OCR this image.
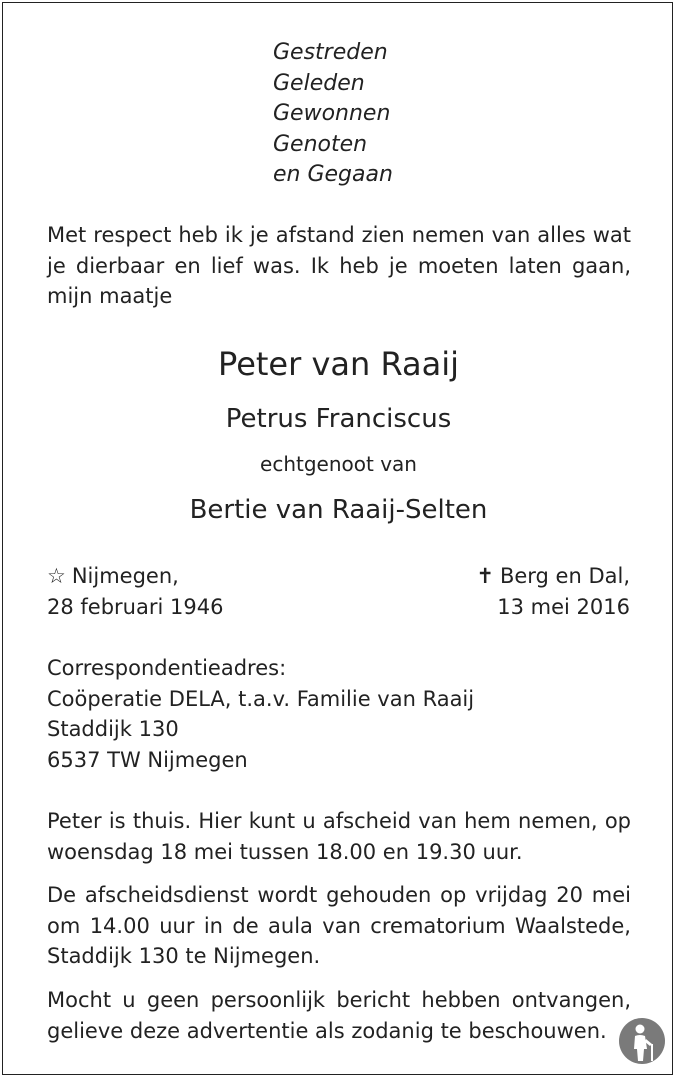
Gestreden
Geleden
Gewonnen
Genoten
en Gegaan
Met respect heb ik je afstand zien nemen van alles wat je dierbaar en lief was. Ik heb je moeten laten gaan, mijn maatje
Peter van Raaij
Petrus Franciscus
echtgenoot van
Bertie van Raaij-Selten
☆ Nijmegen,
28 februari 1946
✝ Berg en Dal,
13 mei 2016
Correspondentieadres:
Coöperatie DELA, t.a.v. Familie van Raaij
Staddijk 130
6537 TW Nijmegen
Peter is thuis. Hier kunt u afscheid van hem nemen, op woensdag 18 mei tussen 18.00 en 19.30 uur.
De afscheidsdienst wordt gehouden op vrijdag 20 mei om 14.00 uur in de aula van crematorium Waalstede, Staddijk 130 te Nijmegen.
Mocht u geen persoonlijk bericht hebben ontvangen, gelieve deze advertentie als zodanig te beschouwen.
